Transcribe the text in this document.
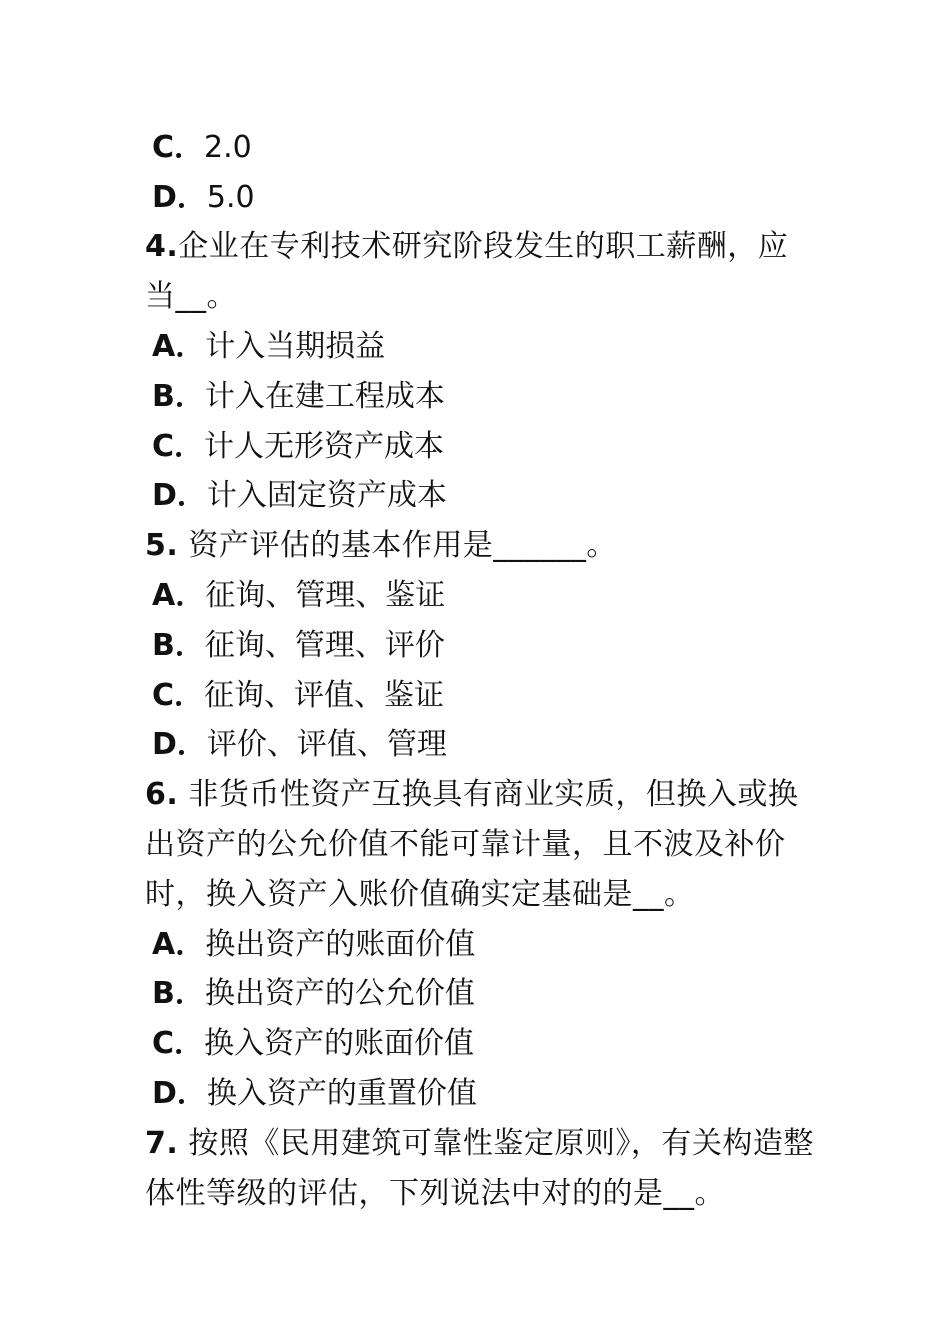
C．2.0
D．5.0
4.企业在专利技术研究阶段发生的职工薪酬，应当__。
A．计入当期损益
B．计入在建工程成本
C．计人无形资产成本
D．计入固定资产成本
5. 资产评估的基本作用是______。
A．征询、管理、鉴证
B．征询、管理、评价
C．征询、评值、鉴证
D．评价、评值、管理
6. 非货币性资产互换具有商业实质，但换入或换出资产的公允价值不能可靠计量，且不波及补价时，换入资产入账价值确实定基础是__。
A．换出资产的账面价值
B．换出资产的公允价值
C．换入资产的账面价值
D．换入资产的重置价值
7. 按照《民用建筑可靠性鉴定原则》，有关构造整体性等级的评估，下列说法中对的的是__。
